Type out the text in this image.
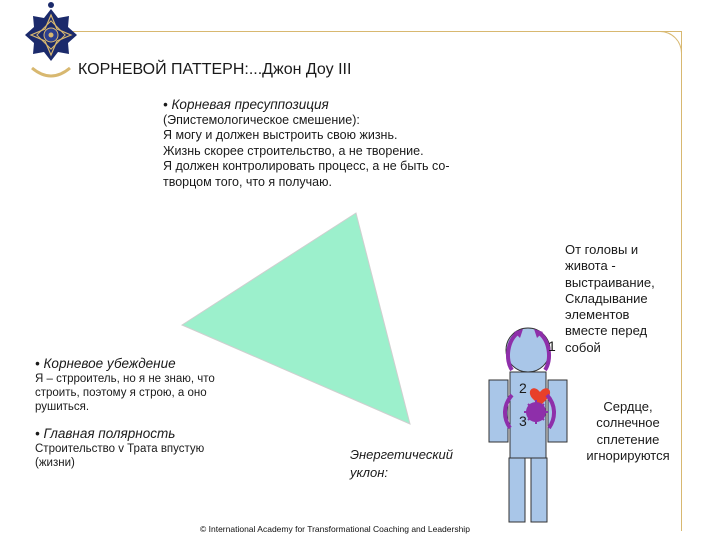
КОРНЕВОЙ ПАТТЕРН:...Джон Доу III
1
2
3
• Корневая пресуппозиция
(Эпистемологическое смешение):
Я могу и должен выстроить свою жизнь.
Жизнь скорее строительство, а не творение.
Я должен контролировать процесс, а не быть со-
творцом того, что я получаю.
• Корневое убеждение
Я – стрроитель, но я не знаю, что
строить, поэтому я строю, а оно
рушиться.
• Главная полярность
Строительство v Трата впустую
(жизни)
Энергетический
уклон:
От головы и
живота -
выстраивание,
Складывание
элементов
вместе перед
собой
Сердце,
солнечное
сплетение
игнорируются
© International Academy for Transformational Coaching and Leadership
